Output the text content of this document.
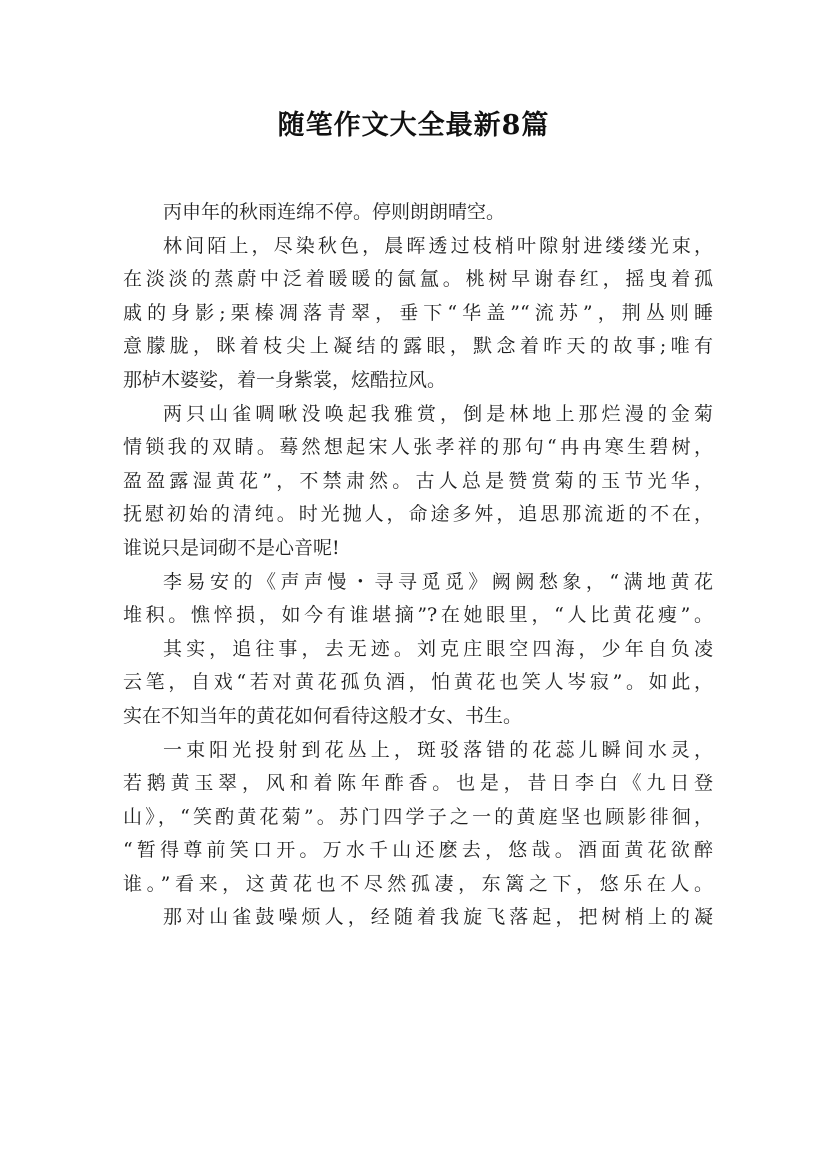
随笔作文大全最新8篇
丙申年的秋雨连绵不停。停则朗朗晴空。
林间陌上，尽染秋色，晨晖透过枝梢叶隙射进缕缕光束，
在淡淡的蒸蔚中泛着暖暖的氤氲。桃树早谢春红，摇曳着孤
戚的身影;栗榛凋落青翠，垂下“华盖”“流苏”，荆丛则睡
意朦胧，眯着枝尖上凝结的露眼，默念着昨天的故事;唯有
那栌木婆娑，着一身紫裳，炫酷拉风。
两只山雀啁啾没唤起我雅赏，倒是林地上那烂漫的金菊
情锁我的双睛。蓦然想起宋人张孝祥的那句“冉冉寒生碧树，
盈盈露湿黄花”，不禁肃然。古人总是赞赏菊的玉节光华，
抚慰初始的清纯。时光抛人，命途多舛，追思那流逝的不在，
谁说只是词砌不是心音呢!
李易安的《声声慢・寻寻觅觅》阙阙愁象，“满地黄花
堆积。憔悴损，如今有谁堪摘”?在她眼里，“人比黄花瘦”。
其实，追往事，去无迹。刘克庄眼空四海，少年自负凌
云笔，自戏“若对黄花孤负酒，怕黄花也笑人岑寂”。如此，
实在不知当年的黄花如何看待这般才女、书生。
一束阳光投射到花丛上，斑驳落错的花蕊儿瞬间水灵，
若鹅黄玉翠，风和着陈年酢香。也是，昔日李白《九日登
山》，“笑酌黄花菊”。苏门四学子之一的黄庭坚也顾影徘徊，
“暂得尊前笑口开。万水千山还麽去，悠哉。酒面黄花欲醉
谁。”看来，这黄花也不尽然孤凄，东篱之下，悠乐在人。
那对山雀鼓噪烦人，经随着我旋飞落起，把树梢上的凝
